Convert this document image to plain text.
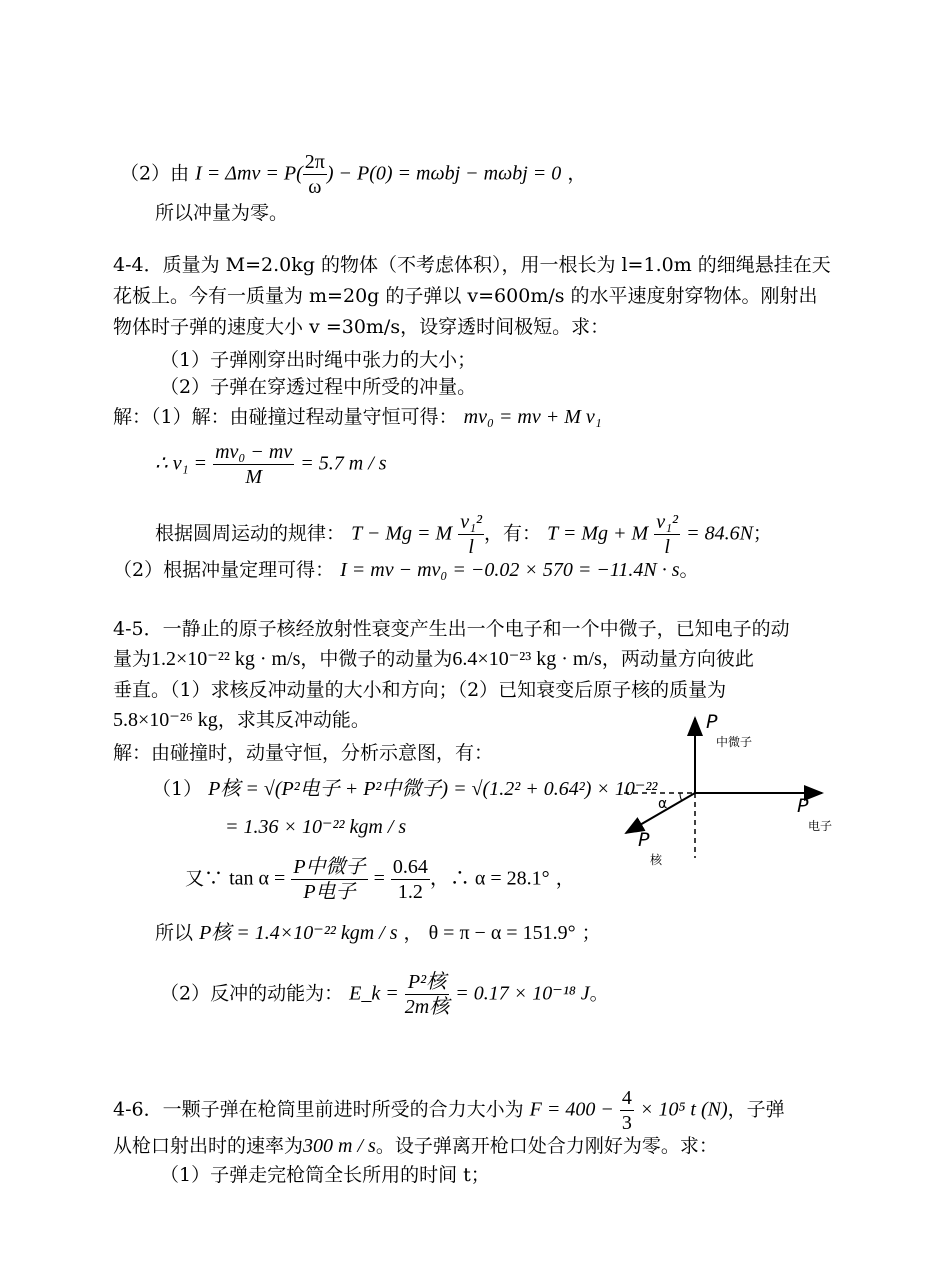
（2）由 $I = \Delta mv = P( \frac{2\pi}{\omega}$ ) − P(0) = mωbj − mωbj = 0 ，
所以冲量为零。
4-4．质量为 M=2.0kg 的物体（不考虑体积），用一根长为 l=1.0m 的细绳悬挂在天
花板上。今有一质量为 m=20g 的子弹以 v=600m/s 的水平速度射穿物体。刚射出
物体时子弹的速度大小 v =30m/s，设穿透时间极短。求：
（1）子弹刚穿出时绳中张力的大小；
（2）子弹在穿透过程中所受的冲量。
解：（1）解：由碰撞过程动量守恒可得： mv₀ = mv + M v₁
∴ $v_1 = \frac{\text{mv₀ − mv}}{M} = 5.7$ m / s
根据圆周运动的规律： T − Mg = M $\frac{\text{v₁²}}{l}$ ，有： T = Mg + M $\frac{\text{v₁²}}{l} = 84.6N$；
（2）根据冲量定理可得： I = mv − mv₀ = −0.02 × 570 = −11.4N · s。
4-5．一静止的原子核经放射性衰变产生出一个电子和一个中微子，已知电子的动
量为1.2×10⁻²² kg · m/s，中微子的动量为6.4×10⁻²³ kg · m/s，两动量方向彼此
垂直。（1）求核反冲动量的大小和方向；（2）已知衰变后原子核的质量为
5.8×10⁻²⁶ kg，求其反冲动能。
解：由碰撞时，动量守恒，分析示意图，有：
（1） P核 = √(P²电子 + P²中微子) = √(1.2² + 0.64²) × 10⁻²²
= 1.36 × 10⁻²² kgm / s
又∵ $\tan \alpha = \frac{\text{P中微子}}{\text{P电子}} = \frac{0.64}{1.2}$ ，∴ α = 28.1° ，
所以 P核 = 1.4×10⁻²² kgm / s ， θ = π − α = 151.9° ；
（2）反冲的动能为： E_k = $\frac{\text{P²核}}{\text{2m核}} = 0.17 \times 10^{-18}$ J。
P
中微子
P
电子
P
核
α
4-6．一颗子弹在枪筒里前进时所受的合力大小为 $F = 400 - \frac{4}{3} \times 10^5$ t (N)，子弹
从枪口射出时的速率为300 m / s。设子弹离开枪口处合力刚好为零。求：
（1）子弹走完枪筒全长所用的时间 t；
